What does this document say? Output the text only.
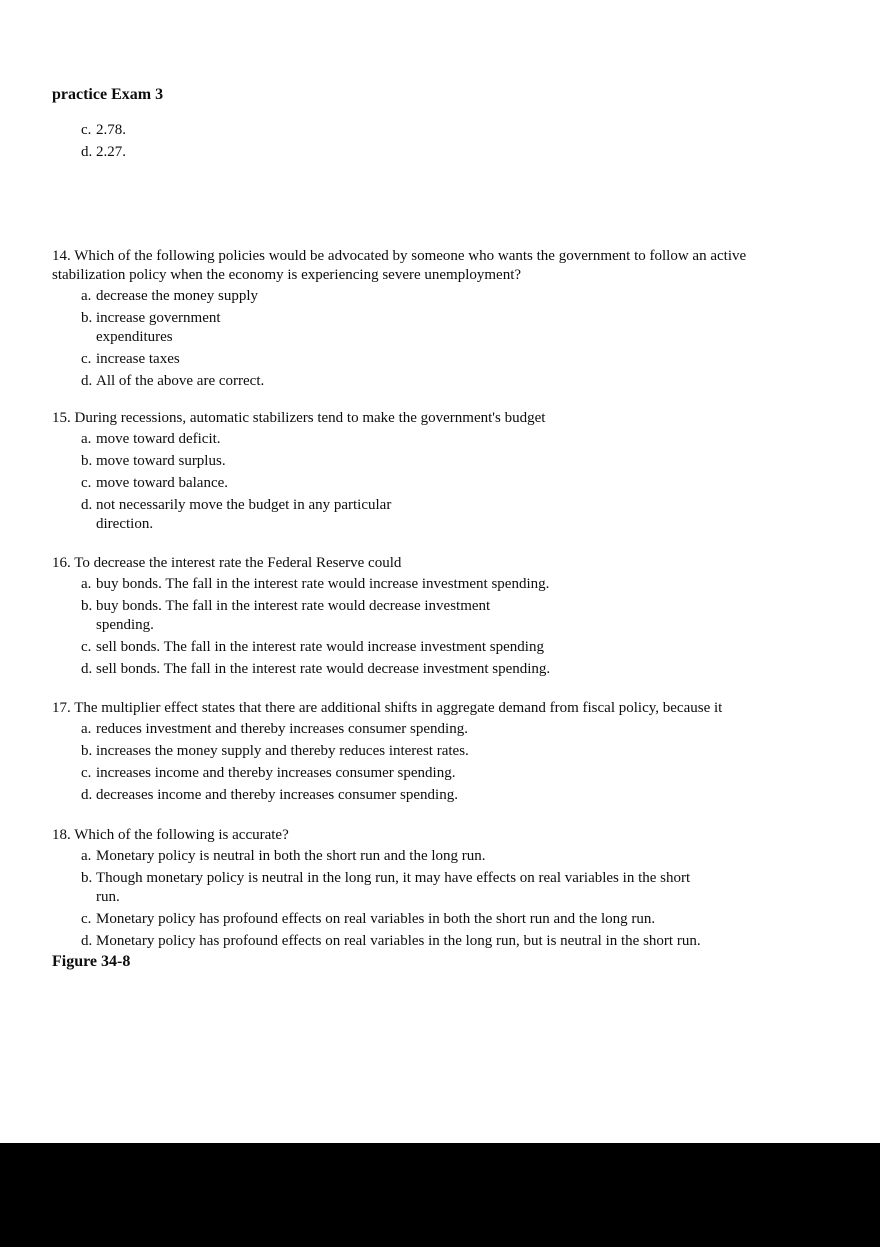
practice Exam 3
c. 2.78.
d. 2.27.
14. Which of the following policies would be advocated by someone who wants the government to follow an active
stabilization policy when the economy is experiencing severe unemployment?
a. decrease the money supply
b. increase government
expenditures
c. increase taxes
d. All of the above are correct.
15. During recessions, automatic stabilizers tend to make the government's budget
a. move toward deficit.
b. move toward surplus.
c. move toward balance.
d. not necessarily move the budget in any particular
direction.
16. To decrease the interest rate the Federal Reserve could
a. buy bonds. The fall in the interest rate would increase investment spending.
b. buy bonds. The fall in the interest rate would decrease investment
spending.
c. sell bonds. The fall in the interest rate would increase investment spending
d. sell bonds. The fall in the interest rate would decrease investment spending.
17. The multiplier effect states that there are additional shifts in aggregate demand from fiscal policy, because it
a. reduces investment and thereby increases consumer spending.
b. increases the money supply and thereby reduces interest rates.
c. increases income and thereby increases consumer spending.
d. decreases income and thereby increases consumer spending.
18. Which of the following is accurate?
a. Monetary policy is neutral in both the short run and the long run.
b. Though monetary policy is neutral in the long run, it may have effects on real variables in the short
run.
c. Monetary policy has profound effects on real variables in both the short run and the long run.
d. Monetary policy has profound effects on real variables in the long run, but is neutral in the short run.
Figure 34-8
